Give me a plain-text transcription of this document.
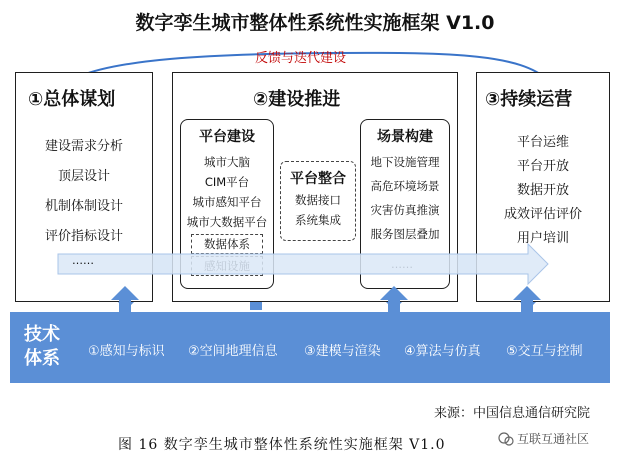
数字孪生城市整体性系统性实施框架 V1.0
反馈与迭代建设
①总体谋划
建设需求分析
顶层设计
机制体制设计
评价指标设计
②建设推进
平台建设
城市大脑
CIM平台
城市感知平台
城市大数据平台
数据体系
平台整合
数据接口
系统集成
场景构建
地下设施管理
高危环境场景
灾害仿真推演
服务图层叠加
③持续运营
平台运维
平台开放
数据开放
成效评估评价
用户培训
……
技术
体系 ①感知与标识 ②空间地理信息 ③建模与渲染 ④算法与仿真 ⑤交互与控制
来源：中国信息通信研究院
图 16 数字孪生城市整体性系统性实施框架 V1.0	互联互通社区
